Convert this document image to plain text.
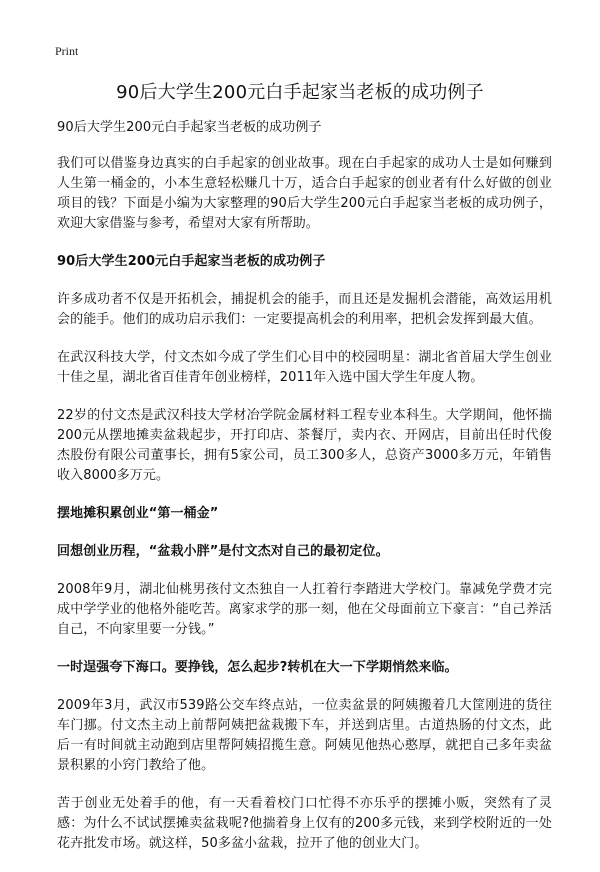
Print
90后大学生200元白手起家当老板的成功例子

90后大学生200元白手起家当老板的成功例子

我们可以借鉴身边真实的白手起家的创业故事。现在白手起家的成功人士是如何赚到人生第一桶金的，小本生意轻松赚几十万，适合白手起家的创业者有什么好做的创业项目的钱？下面是小编为大家整理的90后大学生200元白手起家当老板的成功例子，欢迎大家借鉴与参考，希望对大家有所帮助。

90后大学生200元白手起家当老板的成功例子

许多成功者不仅是开拓机会，捕捉机会的能手，而且还是发掘机会潜能，高效运用机会的能手。他们的成功启示我们：一定要提高机会的利用率，把机会发挥到最大值。

在武汉科技大学，付文杰如今成了学生们心目中的校园明星：湖北省首届大学生创业十佳之星，湖北省百佳青年创业榜样，2011年入选中国大学生年度人物。

22岁的付文杰是武汉科技大学材冶学院金属材料工程专业本科生。大学期间，他怀揣200元从摆地摊卖盆栽起步，开打印店、茶餐厅，卖内衣、开网店，目前出任时代俊杰股份有限公司董事长，拥有5家公司，员工300多人，总资产3000多万元，年销售收入8000多万元。

摆地摊积累创业“第一桶金”

回想创业历程，“盆栽小胖”是付文杰对自己的最初定位。

2008年9月，湖北仙桃男孩付文杰独自一人扛着行李踏进大学校门。靠减免学费才完成中学学业的他格外能吃苦。离家求学的那一刻，他在父母面前立下豪言：“自己养活自己，不向家里要一分钱。”

一时逞强夸下海口。要挣钱，怎么起步?转机在大一下学期悄然来临。

2009年3月，武汉市539路公交车终点站，一位卖盆景的阿姨搬着几大筐刚进的货往车门挪。付文杰主动上前帮阿姨把盆栽搬下车，并送到店里。古道热肠的付文杰，此后一有时间就主动跑到店里帮阿姨招揽生意。阿姨见他热心憨厚，就把自己多年卖盆景积累的小窍门教给了他。

苦于创业无处着手的他，有一天看着校门口忙得不亦乐乎的摆摊小贩，突然有了灵感：为什么不试试摆摊卖盆栽呢?他揣着身上仅有的200多元钱，来到学校附近的一处花卉批发市场。就这样，50多盆小盆栽，拉开了他的创业大门。
